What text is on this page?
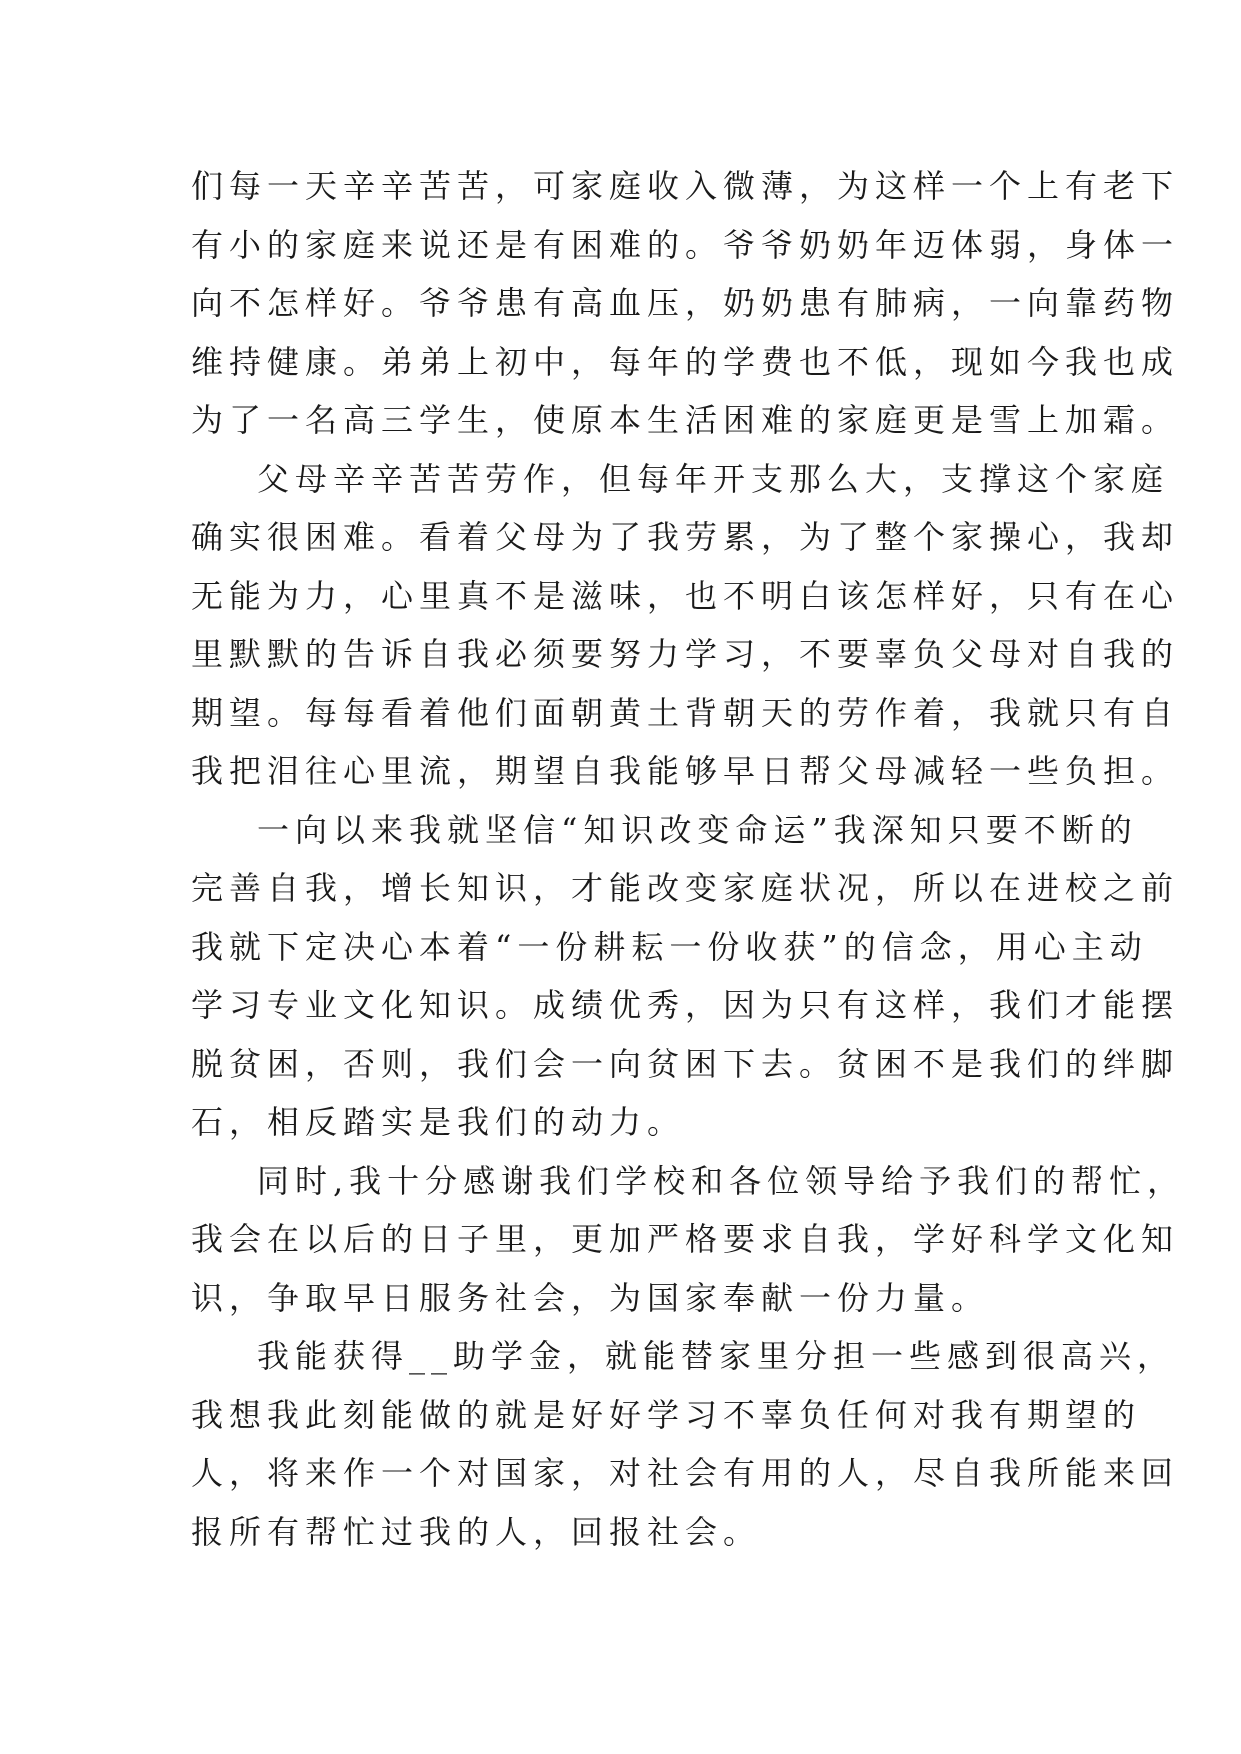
们每一天辛辛苦苦，可家庭收入微薄，为这样一个上有老下
有小的家庭来说还是有困难的。爷爷奶奶年迈体弱，身体一
向不怎样好。爷爷患有高血压，奶奶患有肺病，一向靠药物
维持健康。弟弟上初中，每年的学费也不低，现如今我也成
为了一名高三学生，使原本生活困难的家庭更是雪上加霜。
父母辛辛苦苦劳作，但每年开支那么大，支撑这个家庭
确实很困难。看着父母为了我劳累，为了整个家操心，我却
无能为力，心里真不是滋味，也不明白该怎样好，只有在心
里默默的告诉自我必须要努力学习，不要辜负父母对自我的
期望。每每看着他们面朝黄土背朝天的劳作着，我就只有自
我把泪往心里流，期望自我能够早日帮父母减轻一些负担。
一向以来我就坚信“知识改变命运”我深知只要不断的
完善自我，增长知识，才能改变家庭状况，所以在进校之前
我就下定决心本着“一份耕耘一份收获”的信念，用心主动
学习专业文化知识。成绩优秀，因为只有这样，我们才能摆
脱贫困，否则，我们会一向贫困下去。贫困不是我们的绊脚
石，相反踏实是我们的动力。
同时,我十分感谢我们学校和各位领导给予我们的帮忙，
我会在以后的日子里，更加严格要求自我，学好科学文化知
识，争取早日服务社会，为国家奉献一份力量。
我能获得__助学金，就能替家里分担一些感到很高兴，
我想我此刻能做的就是好好学习不辜负任何对我有期望的
人，将来作一个对国家，对社会有用的人，尽自我所能来回
报所有帮忙过我的人，回报社会。
